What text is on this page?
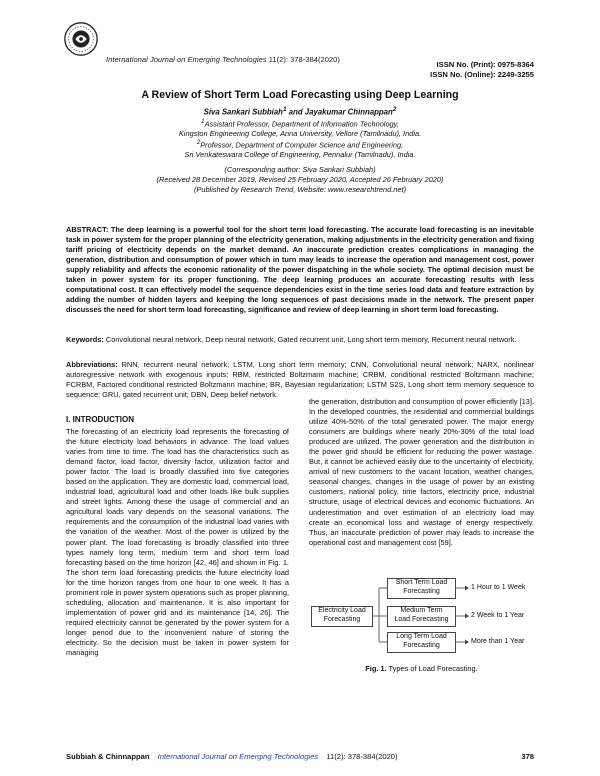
International Journal on Emerging Technologies 11(2): 378-384(2020)
ISSN No. (Print): 0975-8364
ISSN No. (Online): 2249-3255
A Review of Short Term Load Forecasting using Deep Learning
Siva Sankari Subbiah$^1$ and Jayakumar Chinnappan$^2$
$^1$Assistant Professor, Department of Information Technology,
Kingston Engineering College, Anna University, Vellore (Tamilnadu), India.
$^2$Professor, Department of Computer Science and Engineering,
Sri Venkateswara College of Engineering, Pennalur (Tamilnadu), India.
(Corresponding author: Siva Sankari Subbiah)
(Received 28 December 2019, Revised 25 February 2020, Accepted 26 February 2020)
(Published by Research Trend, Website: www.researchtrend.net)
ABSTRACT: The deep learning is a powerful tool for the short term load forecasting. The accurate load forecasting is an inevitable task in power system for the proper planning of the electricity generation, making adjustments in the electricity generation and fixing tariff pricing of electricity depends on the market demand. An inaccurate prediction creates complications in managing the generation, distribution and consumption of power which in turn may leads to increase the operation and management cost, power supply reliability and affects the economic rationality of the power dispatching in the whole society. The optimal decision must be taken in power system for its proper functioning. The deep learning produces an accurate forecasting results with less computational cost. It can effectively model the sequence dependencies exist in the time series load data and feature extraction by adding the number of hidden layers and keeping the long sequences of past decisions made in the network. The present paper discusses the need for short term load forecasting, significance and review of deep learning in short term load forecasting.
Keywords: Convolutional neural network, Deep neural network, Gated recurrent unit, Long short term memory, Recurrent neural network.
Abbreviations: RNN, recurrent neural network; LSTM, Long short term memory; CNN, Convolutional neural network; NARX, nonlinear autoregressive network with exogenous inputs; RBM, restricted Boltzmann machine; CRBM, conditional restricted Boltzmann machine; FCRBM, Factored conditional restricted Boltzmann machine; BR, Bayesian regularization; LSTM S2S, Long short term memory sequence to sequence; GRU, gated recurrent unit; DBN, Deep belief network.
I. INTRODUCTION
The forecasting of an electricity load represents the forecasting of the future electricity load behaviors in advance. The load values varies from time to time. The load has the characteristics such as demand factor, load factor, diversity factor, utilization factor and power factor. The load is broadly classified into five categories based on the application. They are domestic load, commercial load, industrial load, agricultural load and other loads like bulk supplies and street lights. Among these the usage of commercial and an agricultural loads vary depends on the seasonal variations. The requirements and the consumption of the industrial load varies with the variation of the weather. Most of the power is utilized by the power plant. The load forecasting is broadly classified into three types namely long term, medium term and short term load forecasting based on the time horizon [42, 46] and shown in Fig. 1. The short term load forecasting predicts the future electricity load for the time horizon ranges from one hour to one week. It has a prominent role in power system operations such as proper planning, scheduling, allocation and maintenance. It is also important for implementation of power grid and its maintenance [14, 26]. The required electricity cannot be generated by the power system for a longer period due to the inconvenient nature of storing the electricity. So the decision must be taken in power system for managing
the generation, distribution and consumption of power efficiently [13].
In the developed countries, the residential and commercial buildings utilize 40%-50% of the total generated power. The major energy consumers are buildings where nearly 20%-30% of the total load produced are utilized. The power generation and the distribution in the power grid should be efficient for reducing the power wastage. But, it cannot be achieved easily due to the uncertainty of electricity, arrival of new customers to the vacant location, weather changes, seasonal changes, changes in the usage of power by an existing customers, national policy, time factors, electricity price, industrial structure, usage of electrical devices and economic fluctuations. An underestimation and over estimation of an electricity load may create an economical loss and wastage of energy respectively. Thus, an inaccurate prediction of power may leads to increase the operational cost and management cost [59].
Electricity Load
Forecasting
Short Term Load
Forecasting
Medium Term
Load Forecasting
Long Term Load
Forecasting
1 Hour to 1 Week
2 Week to 1 Year
More than 1 Year
Fig. 1. Types of Load Forecasting.
Subbiah & Chinnappan International Journal on Emerging Technologies 11(2): 378-384(2020)	378
